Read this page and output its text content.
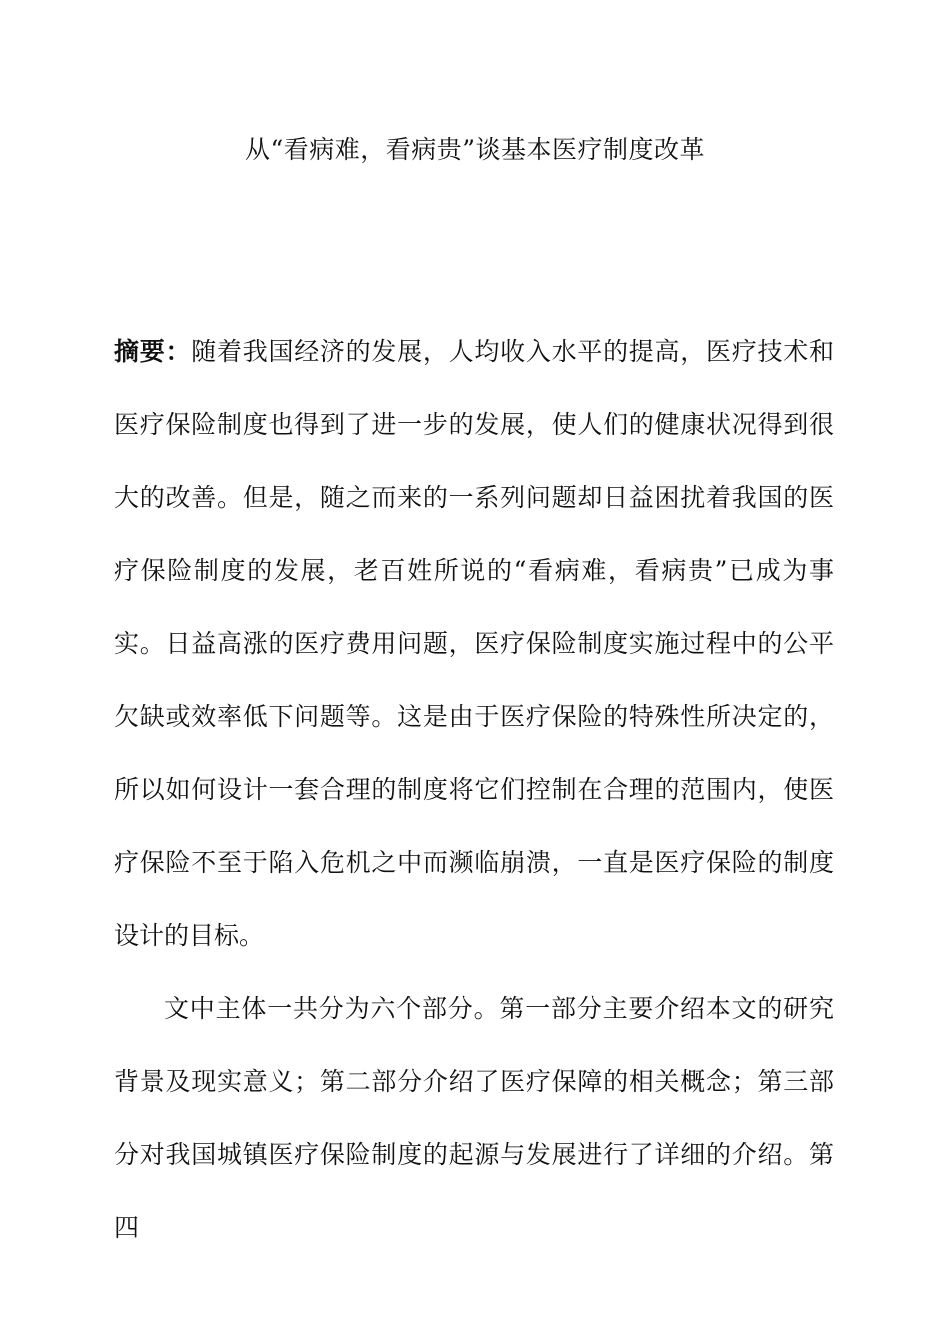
从“看病难，看病贵”谈基本医疗制度改革

摘要：随着我国经济的发展，人均收入水平的提高，医疗技术和医疗保险制度也得到了进一步的发展，使人们的健康状况得到很大的改善。但是，随之而来的一系列问题却日益困扰着我国的医疗保险制度的发展，老百姓所说的“看病难，看病贵”已成为事实。日益高涨的医疗费用问题，医疗保险制度实施过程中的公平欠缺或效率低下问题等。这是由于医疗保险的特殊性所决定的，所以如何设计一套合理的制度将它们控制在合理的范围内，使医疗保险不至于陷入危机之中而濒临崩溃，一直是医疗保险的制度设计的目标。

文中主体一共分为六个部分。第一部分主要介绍本文的研究背景及现实意义；第二部分介绍了医疗保障的相关概念；第三部分对我国城镇医疗保险制度的起源与发展进行了详细的介绍。第四
